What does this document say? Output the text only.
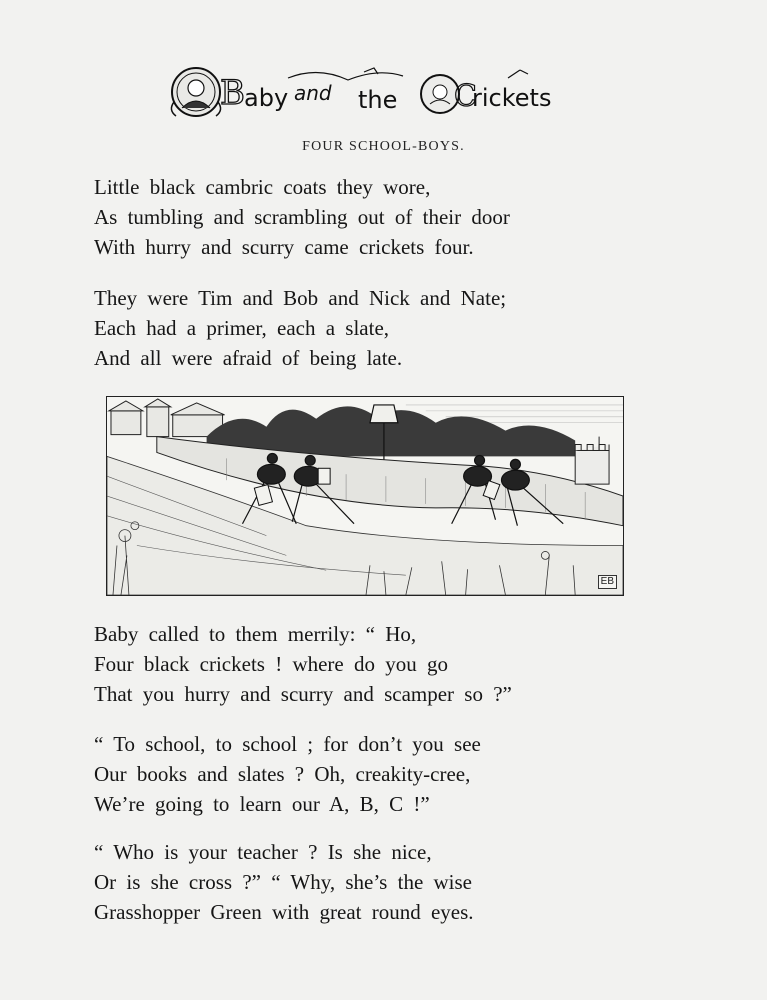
B aby and the C
rickets
FOUR SCHOOL-BOYS.
Little black cambric coats they wore,
As tumbling and scrambling out of their door
With hurry and scurry came crickets four.
They were Tim and Bob and Nick and Nate;
Each had a primer, each a slate,
And all were afraid of being late.
EB
Baby called to them merrily: “ Ho,
Four black crickets ! where do you go
That you hurry and scurry and scamper so ?”
“ To school, to school ; for don’t you see
Our books and slates ? Oh, creakity-cree,
We’re going to learn our A, B, C !”
“ Who is your teacher ? Is she nice,
Or is she cross ?” “ Why, she’s the wise
Grasshopper Green with great round eyes.
